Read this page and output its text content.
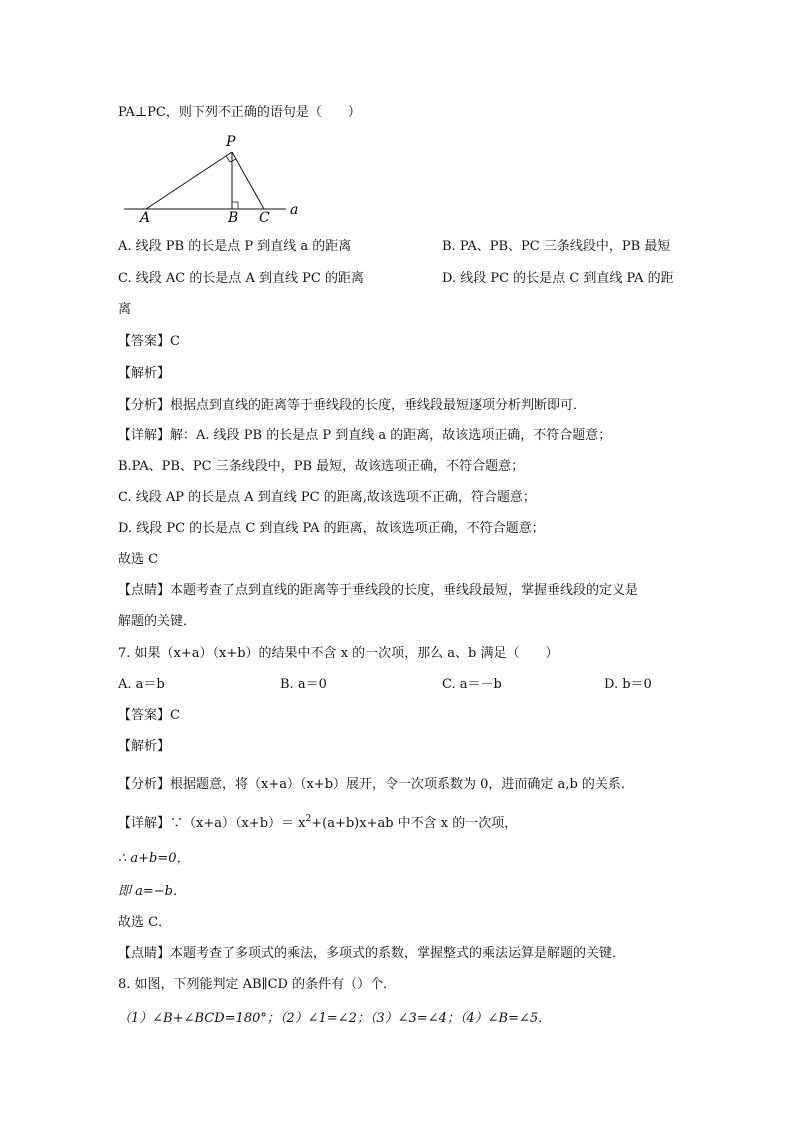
PA⊥PC，则下列不正确的语句是（　　）
P
A	B C a
A. 线段 PB 的长是点 P 到直线 a 的距离	B. PA、PB、PC 三条线段中，PB 最短
C. 线段 AC 的长是点 A 到直线 PC 的距离	D. 线段 PC 的长是点 C 到直线 PA 的距
离
【答案】C
【解析】
【分析】根据点到直线的距离等于垂线段的长度，垂线段最短逐项分析判断即可．
【详解】解：A. 线段 PB 的长是点 P 到直线 a 的距离，故该选项正确，不符合题意；
B.PA、PB、PC 三条线段中，PB 最短，故该选项正确，不符合题意；
C. 线段 AP 的长是点 A 到直线 PC 的距离,故该选项不正确，符合题意；
D. 线段 PC 的长是点 C 到直线 PA 的距离，故该选项正确，不符合题意；
故选 C
【点睛】本题考查了点到直线的距离等于垂线段的长度，垂线段最短，掌握垂线段的定义是
解题的关键．
7. 如果（x+a）（x+b）的结果中不含 x 的一次项，那么 a、b 满足（　　）
A. a＝b	B. a＝0	C. a＝－b	D. b＝0
【答案】C
【解析】
【分析】根据题意，将（x+a）（x+b）展开，令一次项系数为 0，进而确定 a,b 的关系．
【详解】∵（x+a）（x+b）＝ $x^2+(a+b)x+ab$ 中不含 x 的一次项，
∴ a+b=0，
即 a=−b．
故选 C．
【点睛】本题考查了多项式的乘法，多项式的系数，掌握整式的乘法运算是解题的关键．
8. 如图，下列能判定 AB∥CD 的条件有（）个．
（1）∠B+∠BCD=180°；（2）∠1=∠2；（3）∠3=∠4；（4）∠B=∠5．
